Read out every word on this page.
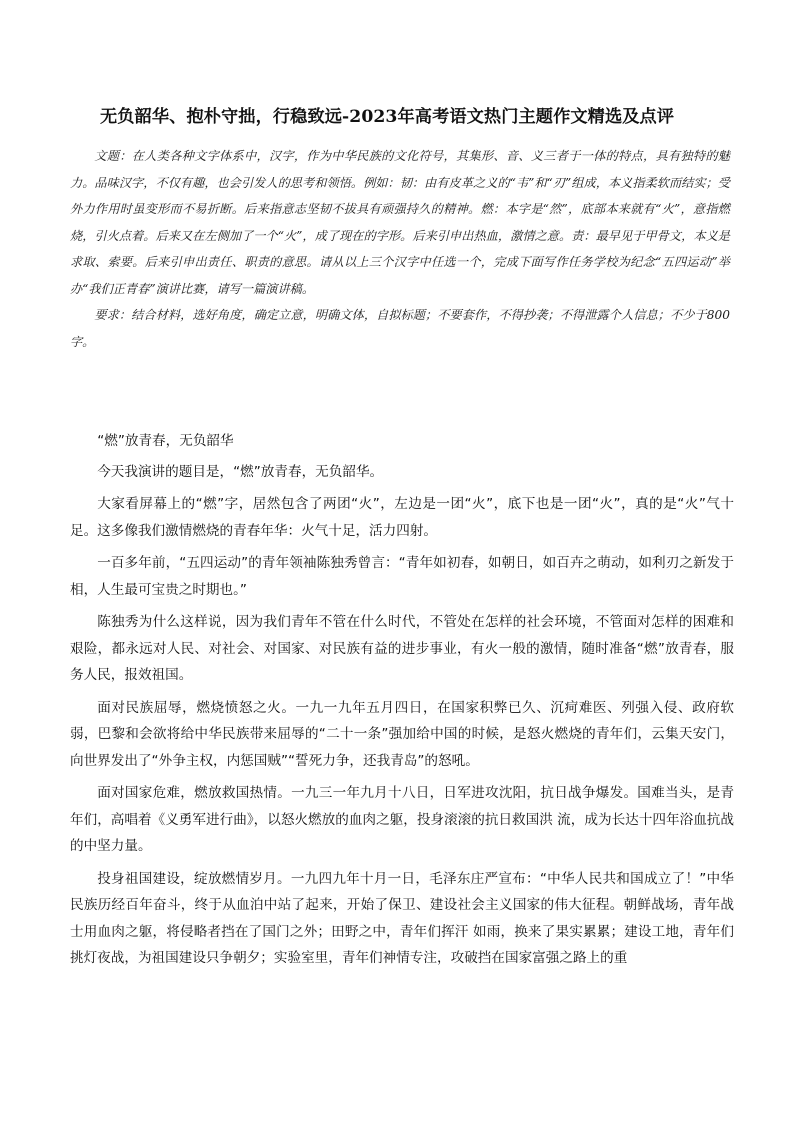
无负韶华、抱朴守拙，行稳致远-2023年高考语文热门主题作文精选及点评

文题：在人类各种文字体系中，汉字，作为中华民族的文化符号，其集形、音、义三者于一体的特点，具有独特的魅力。品味汉字，不仅有趣，也会引发人的思考和领悟。例如：韧：由有皮革之义的“韦”和“刃”组成，本义指柔软而结实；受外力作用时虽变形而不易折断。后来指意志坚韧不拔具有顽强持久的精神。燃：本字是“然”，底部本来就有“火”，意指燃烧，引火点着。后来又在左侧加了一个“火”，成了现在的字形。后来引申出热血，激情之意。责：最早见于甲骨文，本义是求取、索要。后来引申出责任、职责的意思。请从以上三个汉字中任选一个，完成下面写作任务学校为纪念“五四运动”举办“我们正青春”演讲比赛，请写一篇演讲稿。

要求：结合材料，选好角度，确定立意，明确文体，自拟标题；不要套作，不得抄袭；不得泄露个人信息；不少于800字。

“燃”放青春，无负韶华

今天我演讲的题目是，“燃”放青春，无负韶华。

大家看屏幕上的“燃”字，居然包含了两团“火”，左边是一团“火”，底下也是一团“火”，真的是“火”气十足。这多像我们激情燃烧的青春年华：火气十足，活力四射。

一百多年前，“五四运动”的青年领袖陈独秀曾言：“青年如初春，如朝日，如百卉之萌动，如利刃之新发于相，人生最可宝贵之时期也。”

陈独秀为什么这样说，因为我们青年不管在什么时代，不管处在怎样的社会环境，不管面对怎样的困难和艰险，都永远对人民、对社会、对国家、对民族有益的进步事业，有火一般的激情，随时准备“燃”放青春，服务人民，报效祖国。

面对民族屈辱，燃烧愤怒之火。一九一九年五月四日，在国家积弊已久、沉疴难医、列强入侵、政府软弱，巴黎和会欲将给中华民族带来屈辱的“二十一条”强加给中国的时候，是怒火燃烧的青年们，云集天安门，向世界发出了“外争主权，内惩国贼”“誓死力争，还我青岛”的怒吼。

面对国家危难，燃放救国热情。一九三一年九月十八日，日军进攻沈阳，抗日战争爆发。国难当头，是青年们，高唱着《义勇军进行曲》，以怒火燃放的血肉之躯，投身滚滚的抗日救国洪 流，成为长达十四年浴血抗战的中坚力量。

投身祖国建设，绽放燃情岁月。一九四九年十月一日，毛泽东庄严宣布：“中华人民共和国成立了！”中华民族历经百年奋斗，终于从血泊中站了起来，开始了保卫、建设社会主义国家的伟大征程。朝鲜战场，青年战士用血肉之躯，将侵略者挡在了国门之外；田野之中，青年们挥汗 如雨，换来了果实累累；建设工地，青年们挑灯夜战，为祖国建设只争朝夕；实验室里，青年们神情专注，攻破挡在国家富强之路上的重
